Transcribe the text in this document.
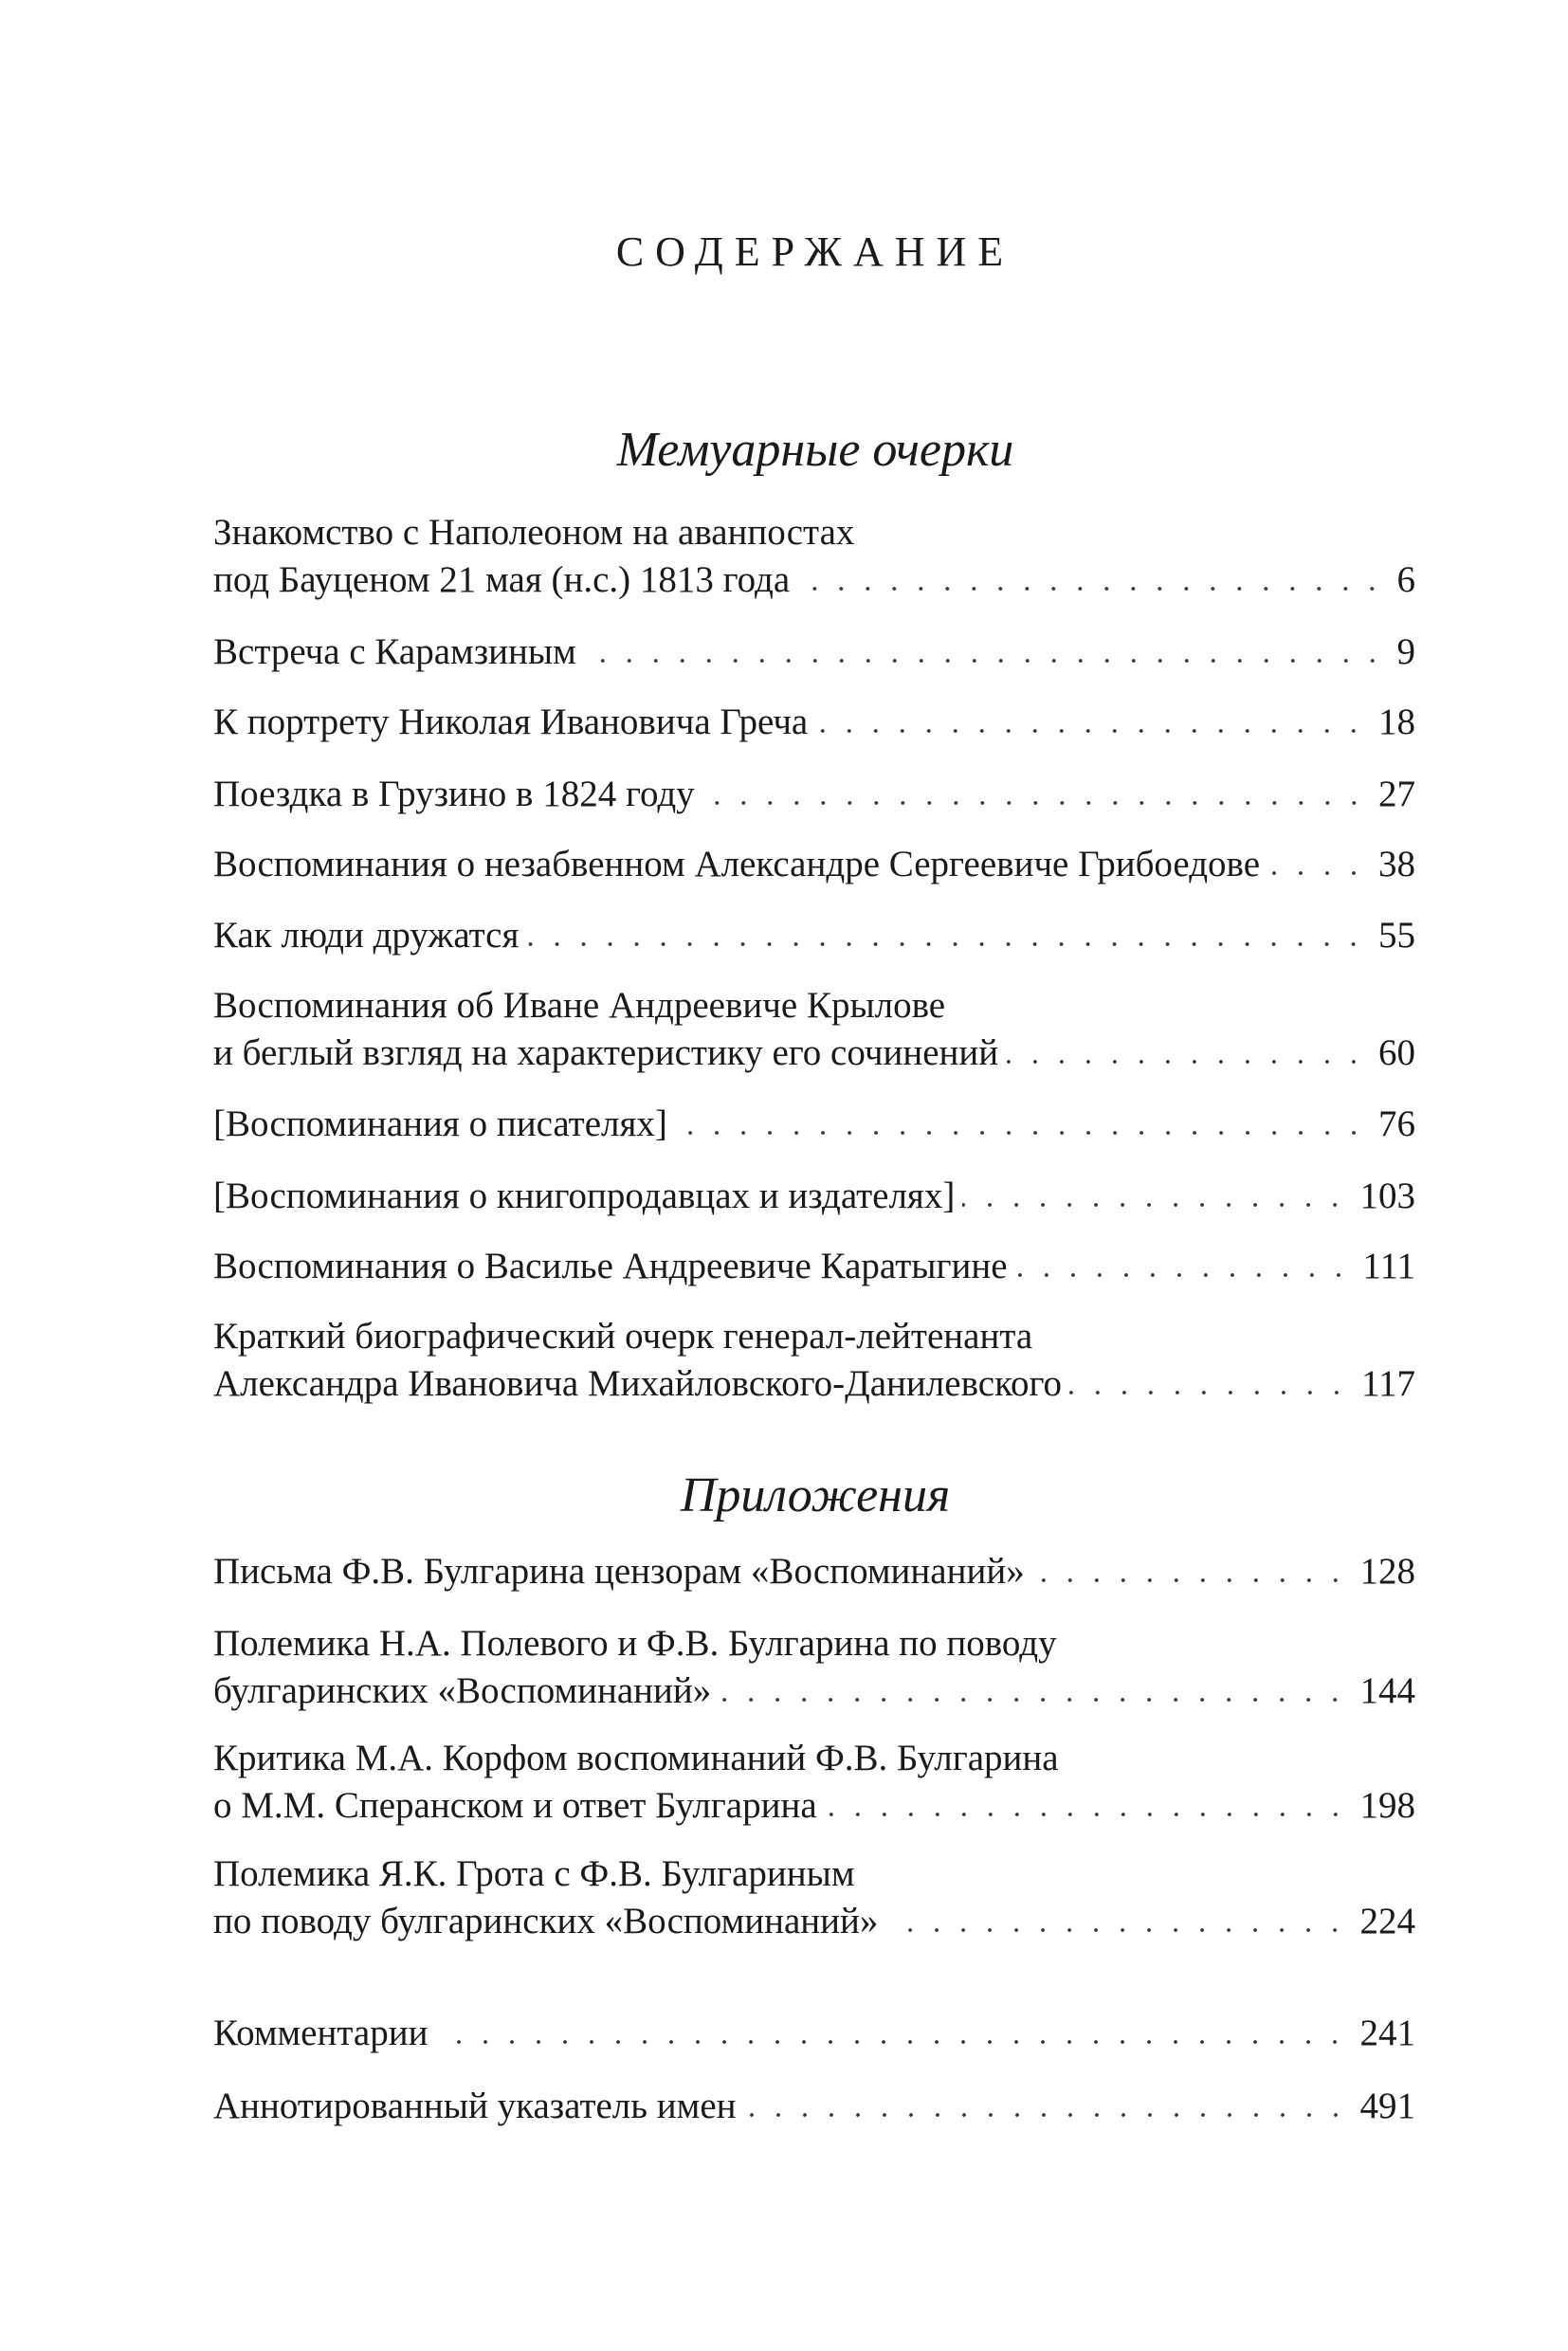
СОДЕРЖАНИЕ
Мемуарные очерки
Приложения
Знакомство с Наполеоном на аванпостах
под Бауценом 21 мая (н.с.) 1813 года	6
Встреча с Карамзиным	9
К портрету Николая Ивановича Греча	18
Поездка в Грузино в 1824 году	27
Воспоминания о незабвенном Александре Сергеевиче Грибоедове	38
Как люди дружатся	55
Воспоминания об Иване Андреевиче Крылове
и беглый взгляд на характеристику его сочинений	60
[Воспоминания о писателях]	76
[Воспоминания о книгопродавцах и издателях]	103
Воспоминания о Василье Андреевиче Каратыгине	111
Краткий биографический очерк генерал-лейтенанта
Александра Ивановича Михайловского-Данилевского	117
Письма Ф.В. Булгарина цензорам «Воспоминаний»	128
Полемика Н.А. Полевого и Ф.В. Булгарина по поводу
булгаринских «Воспоминаний»	144
Критика М.А. Корфом воспоминаний Ф.В. Булгарина
о М.М. Сперанском и ответ Булгарина	198
Полемика Я.К. Грота с Ф.В. Булгариным
по поводу булгаринских «Воспоминаний»	224
Комментарии	241
Аннотированный указатель имен	491
